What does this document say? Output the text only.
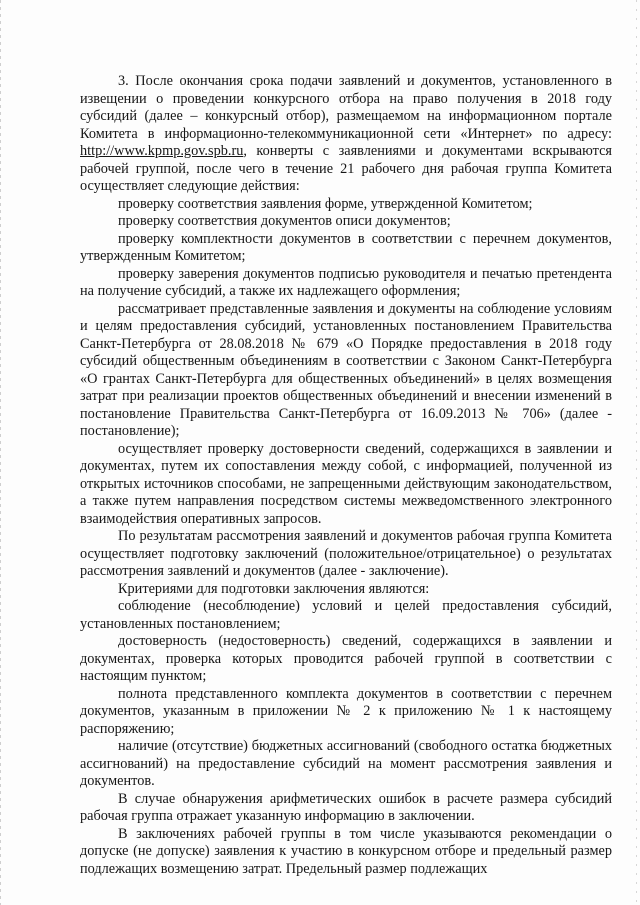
3. После окончания срока подачи заявлений и документов, установленного в извещении о проведении конкурсного отбора на право получения в 2018 году субсидий (далее – конкурсный отбор), размещаемом на информационном портале Комитета в информационно-телекоммуникационной сети «Интернет» по адресу: http://www.kpmp.gov.spb.ru, конверты с заявлениями и документами вскрываются рабочей группой, после чего в течение 21 рабочего дня рабочая группа Комитета осуществляет следующие действия:

проверку соответствия заявления форме, утвержденной Комитетом;

проверку соответствия документов описи документов;

проверку комплектности документов в соответствии с перечнем документов, утвержденным Комитетом;

проверку заверения документов подписью руководителя и печатью претендента на получение субсидий, а также их надлежащего оформления;

рассматривает представленные заявления и документы на соблюдение условиям и целям предоставления субсидий, установленных постановлением Правительства Санкт-Петербурга от 28.08.2018 № 679 «О Порядке предоставления в 2018 году субсидий общественным объединениям в соответствии с Законом Санкт-Петербурга «О грантах Санкт-Петербурга для общественных объединений» в целях возмещения затрат при реализации проектов общественных объединений и внесении изменений в постановление Правительства Санкт-Петербурга от 16.09.2013 № 706» (далее - постановление);

осуществляет проверку достоверности сведений, содержащихся в заявлении и документах, путем их сопоставления между собой, с информацией, полученной из открытых источников способами, не запрещенными действующим законодательством, а также путем направления посредством системы межведомственного электронного взаимодействия оперативных запросов.

По результатам рассмотрения заявлений и документов рабочая группа Комитета осуществляет подготовку заключений (положительное/отрицательное) о результатах рассмотрения заявлений и документов (далее - заключение).

Критериями для подготовки заключения являются:

соблюдение (несоблюдение) условий и целей предоставления субсидий, установленных постановлением;

достоверность (недостоверность) сведений, содержащихся в заявлении и документах, проверка которых проводится рабочей группой в соответствии с настоящим пунктом;

полнота представленного комплекта документов в соответствии с перечнем документов, указанным в приложении № 2 к приложению № 1 к настоящему распоряжению;

наличие (отсутствие) бюджетных ассигнований (свободного остатка бюджетных ассигнований) на предоставление субсидий на момент рассмотрения заявления и документов.

В случае обнаружения арифметических ошибок в расчете размера субсидий рабочая группа отражает указанную информацию в заключении.

В заключениях рабочей группы в том числе указываются рекомендации о допуске (не допуске) заявления к участию в конкурсном отборе и предельный размер подлежащих возмещению затрат. Предельный размер подлежащих
